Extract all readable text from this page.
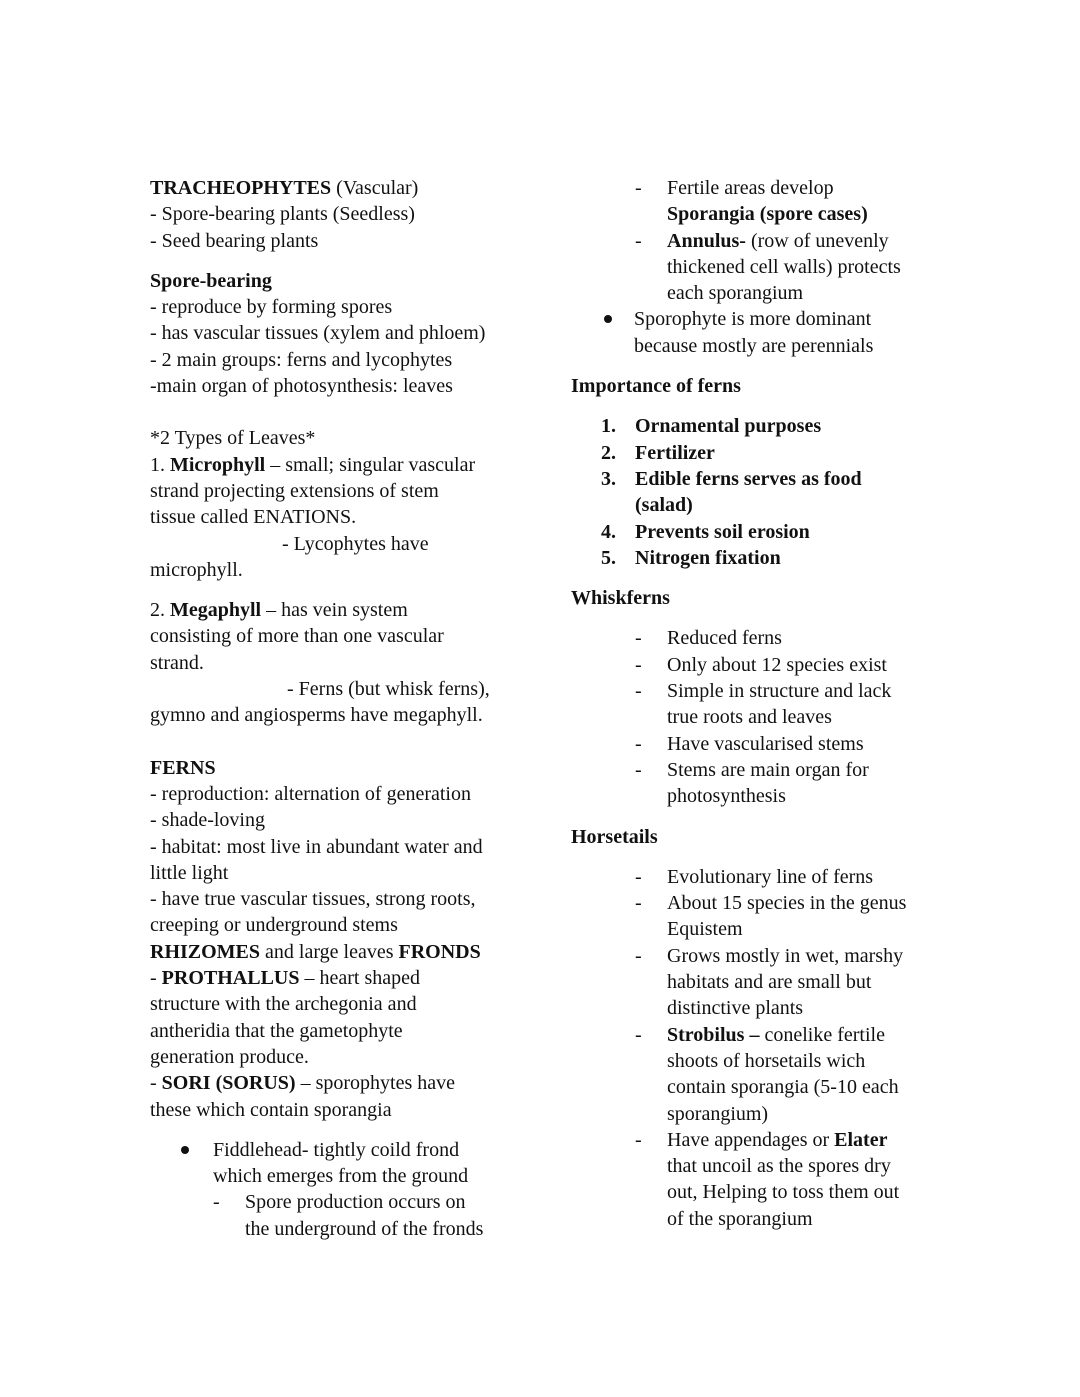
TRACHEOPHYTES (Vascular)
- Spore-bearing plants (Seedless)
- Seed bearing plants
Spore-bearing
- reproduce by forming spores
- has vascular tissues (xylem and phloem)
- 2 main groups: ferns and lycophytes
-main organ of photosynthesis: leaves
*2 Types of Leaves*
1. Microphyll – small; singular vascular
strand projecting extensions of stem
tissue called ENATIONS.
- Lycophytes have
microphyll.
2. Megaphyll – has vein system
consisting of more than one vascular
strand.
- Ferns (but whisk ferns),
gymno and angiosperms have megaphyll.
FERNS
- reproduction: alternation of generation
- shade-loving
- habitat: most live in abundant water and
little light
- have true vascular tissues, strong roots,
creeping or underground stems
RHIZOMES and large leaves FRONDS
- PROTHALLUS – heart shaped
structure with the archegonia and
antheridia that the gametophyte
generation produce.
- SORI (SORUS) – sporophytes have
these which contain sporangia
Fiddlehead- tightly coild frond
which emerges from the ground
- Spore production occurs on
the underground of the fronds
- Fertile areas develop
Sporangia (spore cases)
- Annulus- (row of unevenly
thickened cell walls) protects
each sporangium
Sporophyte is more dominant
because mostly are perennials
Importance of ferns
1. Ornamental purposes
2. Fertilizer
3. Edible ferns serves as food
(salad)
4. Prevents soil erosion
5. Nitrogen fixation
Whiskferns
- Reduced ferns
- Only about 12 species exist
- Simple in structure and lack
true roots and leaves
- Have vascularised stems
- Stems are main organ for
photosynthesis
Horsetails
- Evolutionary line of ferns
- About 15 species in the genus
Equistem
- Grows mostly in wet, marshy
habitats and are small but
distinctive plants
- Strobilus – conelike fertile
shoots of horsetails wich
contain sporangia (5-10 each
sporangium)
- Have appendages or Elater
that uncoil as the spores dry
out, Helping to toss them out
of the sporangium
